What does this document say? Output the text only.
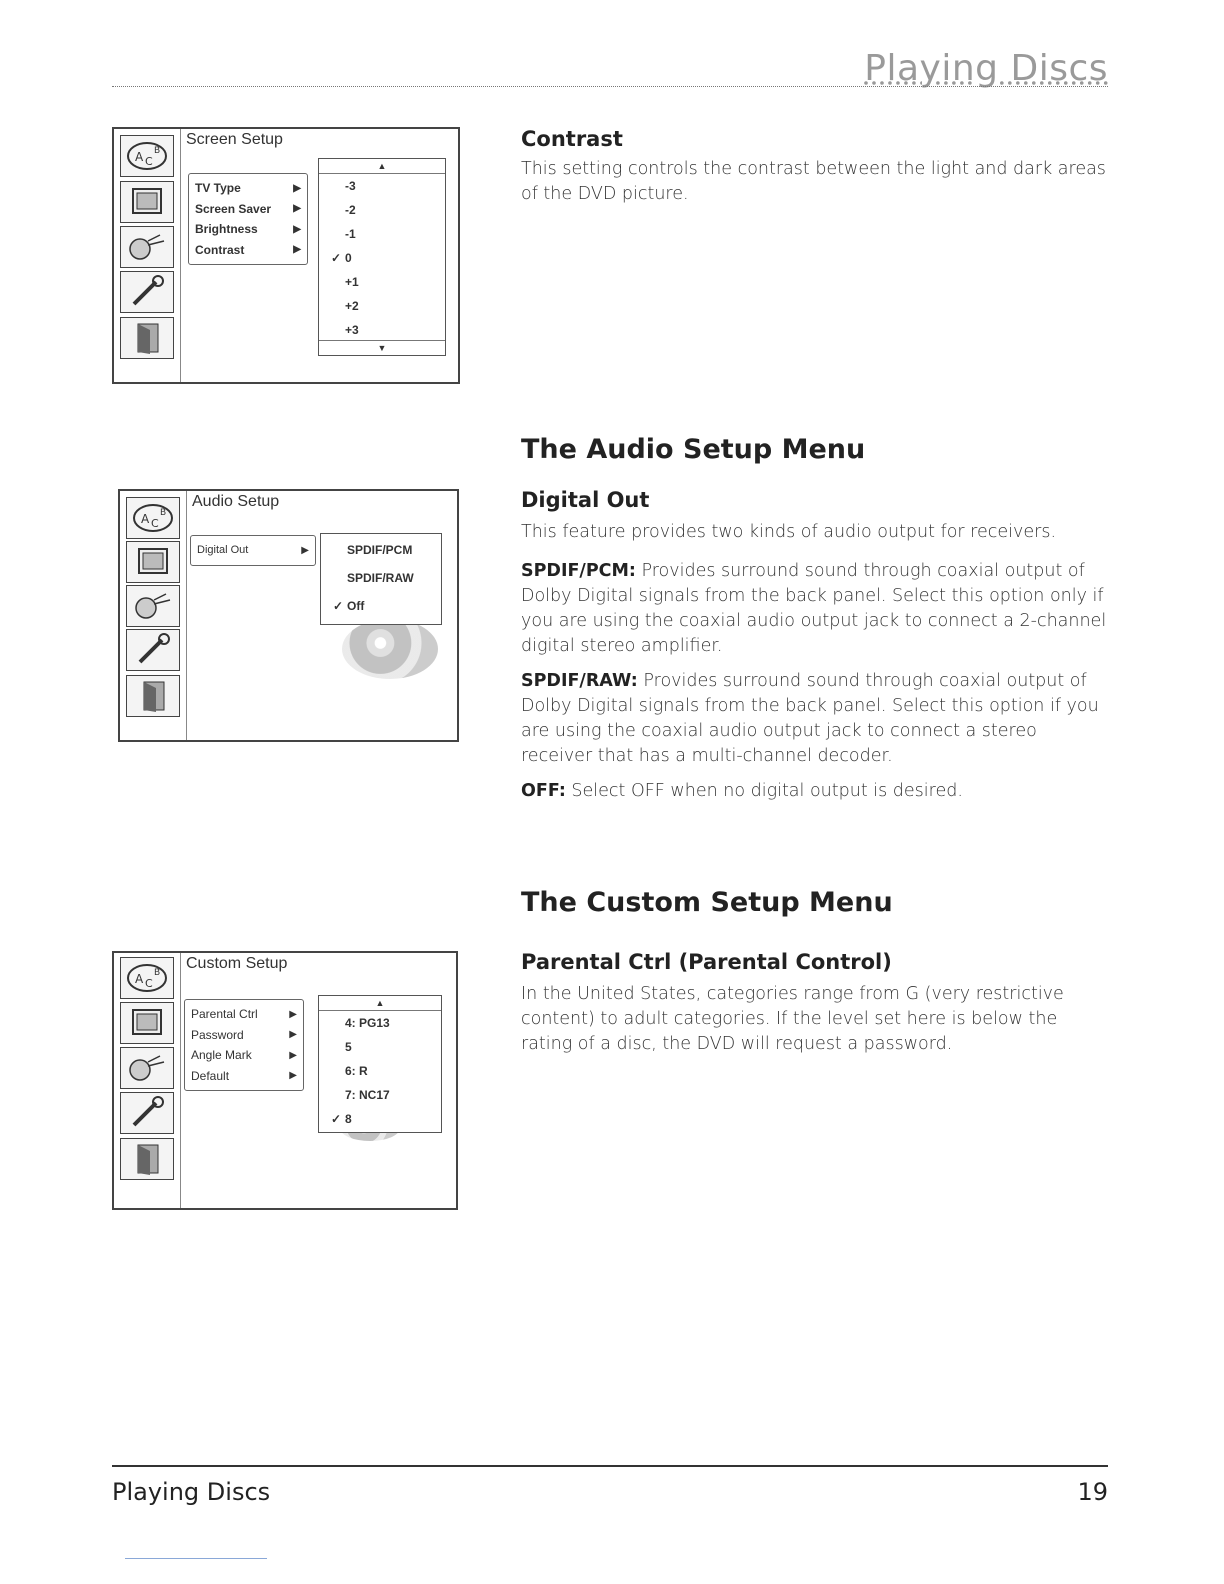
Playing Discs
A C
B
Screen Setup
TV Type	▶
Screen Saver ▶
Brightness	▶
Contrast	▶
▲
-3
-2
-1
✓ 0
+1
+2
+3
▼
Contrast

This setting controls the contrast between the light and dark areas of the DVD picture.

The Audio Setup Menu
A C
B
Audio Setup
Digital Out	▶	SPDIF/PCM
SPDIF/RAW
✓ Off
Digital Out

This feature provides two kinds of audio output for receivers.

SPDIF/PCM: Provides surround sound through coaxial output of Dolby Digital signals from the back panel. Select this option only if you are using the coaxial audio output jack to connect a 2-channel digital stereo amplifier.

SPDIF/RAW: Provides surround sound through coaxial output of Dolby Digital signals from the back panel. Select this option if you are using the coaxial audio output jack to connect a stereo receiver that has a multi-channel decoder.

OFF: Select OFF when no digital output is desired.

The Custom Setup Menu
A C
B
Custom Setup
Parental Ctrl	▶
Password	▶
Angle Mark	▶
Default	▶
▲
4: PG13
5
6: R
7: NC17
✓ 8
Parental Ctrl (Parental Control)

In the United States, categories range from G (very restrictive content) to adult categories. If the level set here is below the rating of a disc, the DVD will request a password.

Playing Discs	19
